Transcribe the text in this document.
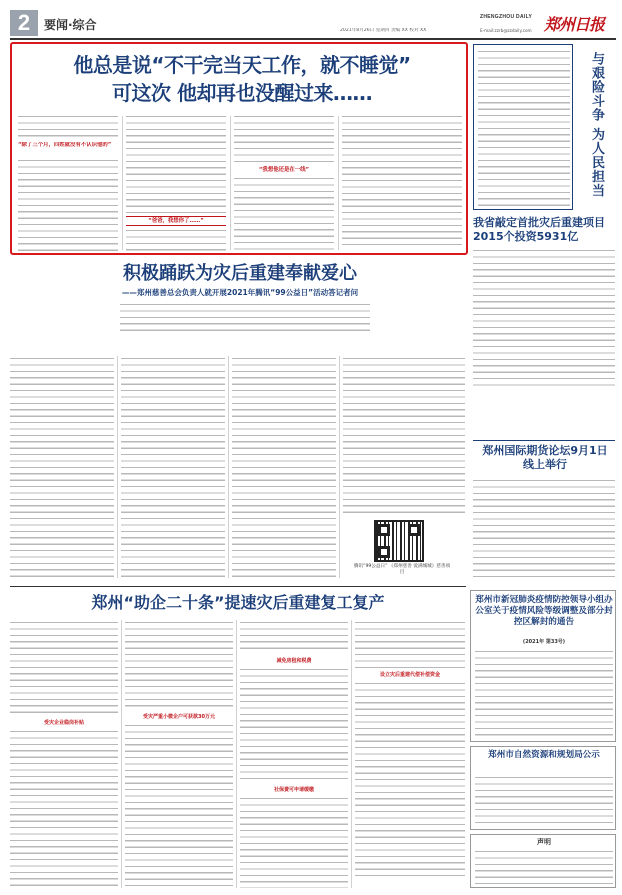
2	要闻·综合
ZHENGZHOU DAILY
2021年8月26日 星期四 责编 XX 校对 XX	E-mail:zzrb@zzdaily.com 郑州日报
他总是说“不干完当天工作，就不睡觉”
可这次 他却再也没醒过来……
“除了三个月，四姓就没有不认识他的”
“爸爸，我想你了……”
“我想他还是在一线”	与艰险斗争 为人民担当
我省敲定首批灾后重建项目2015个投资5931亿
郑州国际期货论坛9月1日线上举行
积极踊跃为灾后重建奉献爱心
——郑州慈善总会负责人就开展2021年腾讯“99公益日”活动答记者问
腾讯“99公益日” 《郑州慈善 爱满城城》慈善项目
郑州“助企二十条”提速灾后重建复工复产
受灾企业稳岗补贴
受灾严重小微企户可获款30万元
减免房租和税费
社保费可申请缓缴
设立灾后重建代偿补偿资金
郑州市新冠肺炎疫情防控领导小组办公室关于疫情风险等级调整及部分封控区解封的通告
(2021年 第33号)
郑州市自然资源和规划局公示
声明
